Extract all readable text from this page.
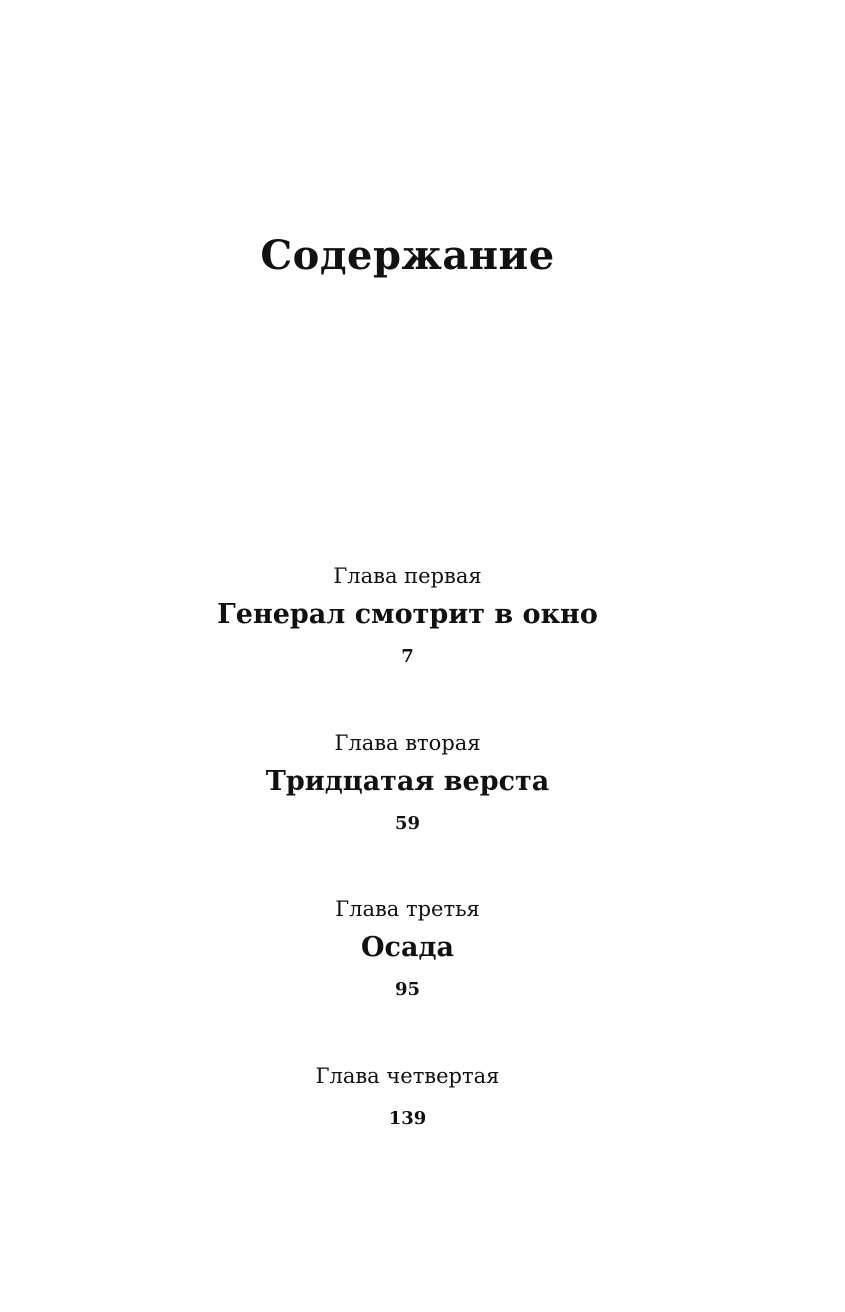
Содержание
Глава первая
Генерал смотрит в окно
7
Глава вторая
Тридцатая верста
59
Глава третья
Осада
95
Глава четвертая
139
